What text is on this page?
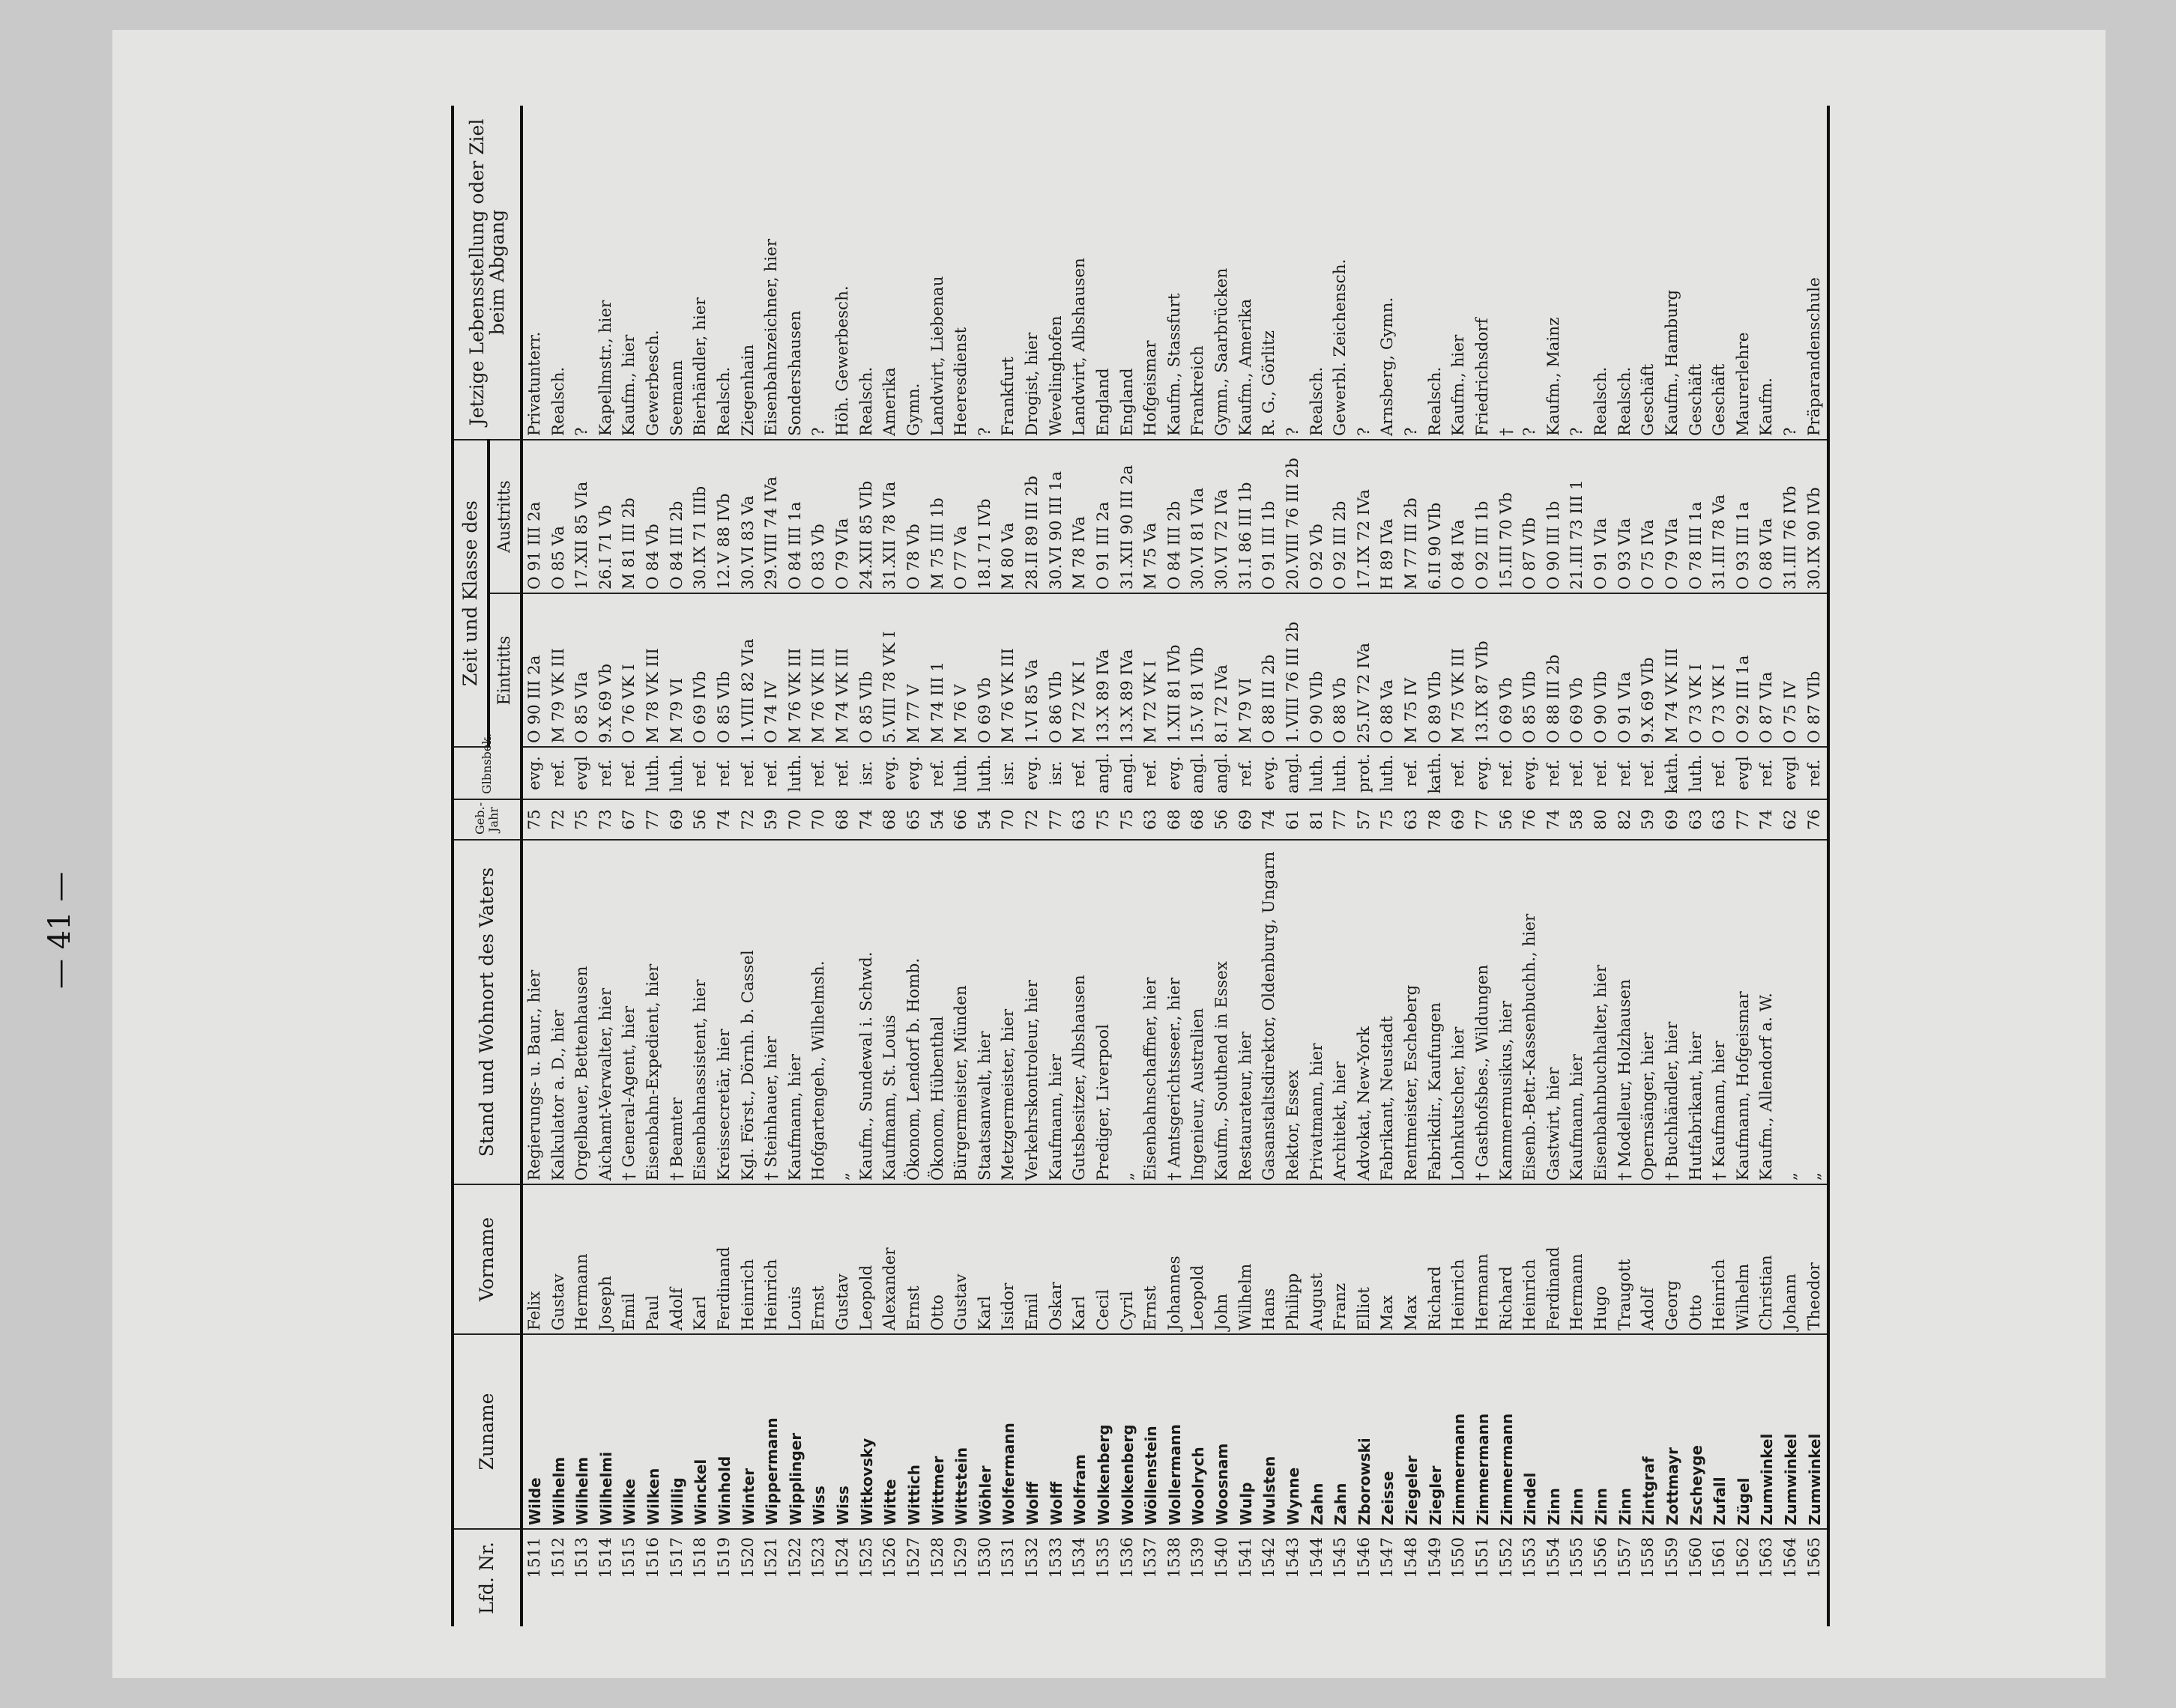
— 41 —
Lfd. Nr.	Zuname	Vorname	Stand und Wohnort des Vaters	Geb.-Jahr	Glbnsbek.	Zeit und Klasse des		Jetzige Lebensstellung oder Ziel beim Abgang
						Eintritts	Austritts	
1511	Wilde	Felix	Regierungs- u. Baur., hier	75	evg.	O 90 III 2a	O 91 III 2a	Privatunterr.
1512	Wilhelm	Gustav	Kalkulator a. D., hier	72	ref.	M 79 VK III	O 85 Va	Realsch.
1513	Wilhelm	Hermann	Orgelbauer, Bettenhausen	75	evgl	O 85 VIa	17.XII 85 VIa	?
1514	Wilhelmi	Joseph	Aichamt-Verwalter, hier	73	ref.	9.X 69 Vb	26.I 71 Vb	Kapellmstr., hier
1515	Wilke	Emil	† General-Agent, hier	67	ref.	O 76 VK I	M 81 III 2b	Kaufm., hier
1516	Wilken	Paul	Eisenbahn-Expedient, hier	77	luth.	M 78 VK III	O 84 Vb	Gewerbesch.
1517	Willig	Adolf	† Beamter	69	luth.	M 79 VI	O 84 III 2b	Seemann
1518	Winckel	Karl	Eisenbahnassistent, hier	56	ref.	O 69 IVb	30.IX 71 IIIb	Bierhändler, hier
1519	Winhold	Ferdinand	Kreissecretär, hier	74	ref.	O 85 VIb	12.V 88 IVb	Realsch.
1520	Winter	Heinrich	Kgl. Först., Dörnh. b. Cassel	72	ref.	1.VIII 82 VIa	30.VI 83 Va	Ziegenhain
1521	Wippermann	Heinrich	† Steinhauer, hier	59	ref.	O 74 IV	29.VIII 74 IVa	Eisenbahnzeichner, hier
1522	Wipplinger	Louis	Kaufmann, hier	70	luth.	M 76 VK III	O 84 III 1a	Sondershausen
1523	Wiss	Ernst	Hofgartengeh., Wilhelmsh.	70	ref.	M 76 VK III	O 83 Vb	?
1524	Wiss	Gustav	„	68	ref.	M 74 VK III	O 79 VIa	Höh. Gewerbesch.
1525	Witkovsky	Leopold	Kaufm., Sundewal i. Schwd.	74	isr.	O 85 VIb	24.XII 85 VIb	Realsch.
1526	Witte	Alexander	Kaufmann, St. Louis	68	evg.	5.VIII 78 VK I	31.XII 78 VIa	Amerika
1527	Wittich	Ernst	Ökonom, Lendorf b. Homb.	65	evg.	M 77 V	O 78 Vb	Gymn.
1528	Wittmer	Otto	Ökonom, Hübenthal	54	ref.	M 74 III 1	M 75 III 1b	Landwirt, Liebenau
1529	Wittstein	Gustav	Bürgermeister, Münden	66	luth.	M 76 V	O 77 Va	Heeresdienst
1530	Wöhler	Karl	Staatsanwalt, hier	54	luth.	O 69 Vb	18.I 71 IVb	?
1531	Wolfermann	Isidor	Metzgermeister, hier	70	isr.	M 76 VK III	M 80 Va	Frankfurt
1532	Wolff	Emil	Verkehrskontroleur, hier	72	evg.	1.VI 85 Va	28.II 89 III 2b	Drogist, hier
1533	Wolff	Oskar	Kaufmann, hier	77	isr.	O 86 VIb	30.VI 90 III 1a	Wevelinghofen
1534	Wolfram	Karl	Gutsbesitzer, Albshausen	63	ref.	M 72 VK I	M 78 IVa	Landwirt, Albshausen
1535	Wolkenberg	Cecil	Prediger, Liverpool	75	angl.	13.X 89 IVa	O 91 III 2a	England
1536	Wolkenberg	Cyril	„	75	angl.	13.X 89 IVa	31.XII 90 III 2a	England
1537	Wöllenstein	Ernst	Eisenbahnschaffner, hier	63	ref.	M 72 VK I	M 75 Va	Hofgeismar
1538	Wollermann	Johannes	† Amtsgerichtsseer., hier	68	evg.	1.XII 81 IVb	O 84 III 2b	Kaufm., Stassfurt
1539	Woolrych	Leopold	Ingenieur, Australien	68	angl.	15.V 81 VIb	30.VI 81 VIa	Frankreich
1540	Woosnam	John	Kaufm., Southend in Essex	56	angl.	8.I 72 IVa	30.VI 72 IVa	Gymn., Saarbrücken
1541	Wulp	Wilhelm	Restaurateur, hier	69	ref.	M 79 VI	31.I 86 III 1b	Kaufm., Amerika
1542	Wulsten	Hans	Gasanstaltsdirektor, Oldenburg, Ungarn	74	evg.	O 88 III 2b	O 91 III 1b	R. G., Görlitz
1543	Wynne	Philipp	Rektor, Essex	61	angl.	1.VIII 76 III 2b	20.VIII 76 III 2b	?
1544	Zahn	August	Privatmann, hier	81	luth.	O 90 VIb	O 92 Vb	Realsch.
1545	Zahn	Franz	Architekt, hier	77	luth.	O 88 Vb	O 92 III 2b	Gewerbl. Zeichensch.
1546	Zborowski	Elliot	Advokat, New-York	57	prot.	25.IV 72 IVa	17.IX 72 IVa	?
1547	Zeisse	Max	Fabrikant, Neustadt	75	luth.	O 88 Va	H 89 IVa	Arnsberg, Gymn.
1548	Ziegeler	Max	Rentmeister, Escheberg	63	ref.	M 75 IV	M 77 III 2b	?
1549	Ziegler	Richard	Fabrikdir., Kaufungen	78	kath.	O 89 VIb	6.II 90 VIb	Realsch.
1550	Zimmermann	Heinrich	Lohnkutscher, hier	69	ref.	M 75 VK III	O 84 IVa	Kaufm., hier
1551	Zimmermann	Hermann	† Gasthofsbes., Wildungen	77	evg.	13.IX 87 VIb	O 92 III 1b	Friedrichsdorf
1552	Zimmermann	Richard	Kammermusikus, hier	56	ref.	O 69 Vb	15.III 70 Vb	†
1553	Zindel	Heinrich	Eisenb.-Betr.-Kassenbuchh., hier	76	evg.	O 85 VIb	O 87 VIb	?
1554	Zinn	Ferdinand	Gastwirt, hier	74	ref.	O 88 III 2b	O 90 III 1b	Kaufm., Mainz
1555	Zinn	Hermann	Kaufmann, hier	58	ref.	O 69 Vb	21.III 73 III 1	?
1556	Zinn	Hugo	Eisenbahnbuchhalter, hier	80	ref.	O 90 VIb	O 91 VIa	Realsch.
1557	Zinn	Traugott	† Modelleur, Holzhausen	82	ref.	O 91 VIa	O 93 VIa	Realsch.
1558	Zintgraf	Adolf	Opernsänger, hier	59	ref.	9.X 69 VIb	O 75 IVa	Geschäft
1559	Zottmayr	Georg	† Buchhändler, hier	69	kath.	M 74 VK III	O 79 VIa	Kaufm., Hamburg
1560	Zscheyge	Otto	Hutfabrikant, hier	63	luth.	O 73 VK I	O 78 III 1a	Geschäft
1561	Zufall	Heinrich	† Kaufmann, hier	63	ref.	O 73 VK I	31.III 78 Va	Geschäft
1562	Zügel	Wilhelm	Kaufmann, Hofgeismar	77	evgl	O 92 III 1a	O 93 III 1a	Maurerlehre
1563	Zumwinkel	Christian	Kaufm., Allendorf a. W.	74	ref.	O 87 VIa	O 88 VIa	Kaufm.
1564	Zumwinkel	Johann	„	62	evgl	O 75 IV	31.III 76 IVb	?
1565	Zumwinkel	Theodor	„	76	ref.	O 87 VIb	30.IX 90 IVb	Präparandenschule
